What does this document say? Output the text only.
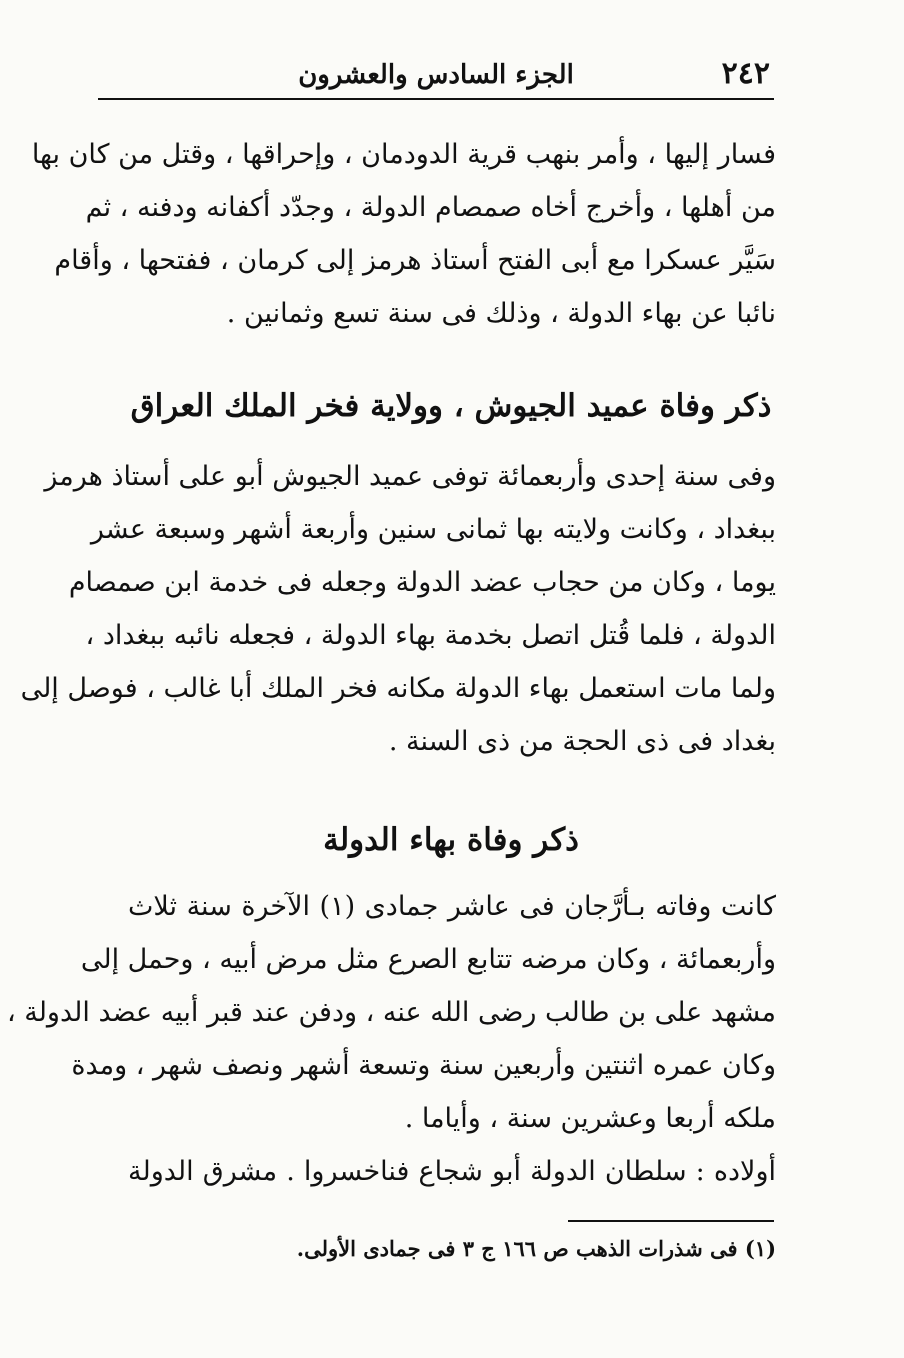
٢٤٢
الجزء السادس والعشرون
فسار إليها ، وأمر بنهب قرية الدودمان ، وإحراقها ، وقتل من كان بها
من أهلها ، وأخرج أخاه صمصام الدولة ، وجدّد أكفانه ودفنه ، ثم
سَيَّر عسكرا مع أبى الفتح أستاذ هرمز إلى كرمان ، ففتحها ، وأقام
نائبا عن بهاء الدولة ، وذلك فى سنة تسع وثمانين .
ذكر وفاة عميد الجيوش ، وولاية فخر الملك العراق
وفى سنة إحدى وأربعمائة توفى عميد الجيوش أبو على أستاذ هرمز
ببغداد ، وكانت ولايته بها ثمانى سنين وأربعة أشهر وسبعة عشر
يوما ، وكان من حجاب عضد الدولة وجعله فى خدمة ابن صمصام
الدولة ، فلما قُتل اتصل بخدمة بهاء الدولة ، فجعله نائبه ببغداد ،
ولما مات استعمل بهاء الدولة مكانه فخر الملك أبا غالب ، فوصل إلى
بغداد فى ذى الحجة من ذى السنة .
ذكر وفاة بهاء الدولة
كانت وفاته بـأرَّجان فى عاشر جمادى (١) الآخرة سنة ثلاث
وأربعمائة ، وكان مرضه تتابع الصرع مثل مرض أبيه ، وحمل إلى
مشهد على بن طالب رضى الله عنه ، ودفن عند قبر أبيه عضد الدولة ،
وكان عمره اثنتين وأربعين سنة وتسعة أشهر ونصف شهر ، ومدة
ملكه أربعا وعشرين سنة ، وأياما .
أولاده : سلطان الدولة أبو شجاع فناخسروا . مشرق الدولة
(١) فى شذرات الذهب ص ١٦٦ ج ٣ فى جمادى الأولى.
